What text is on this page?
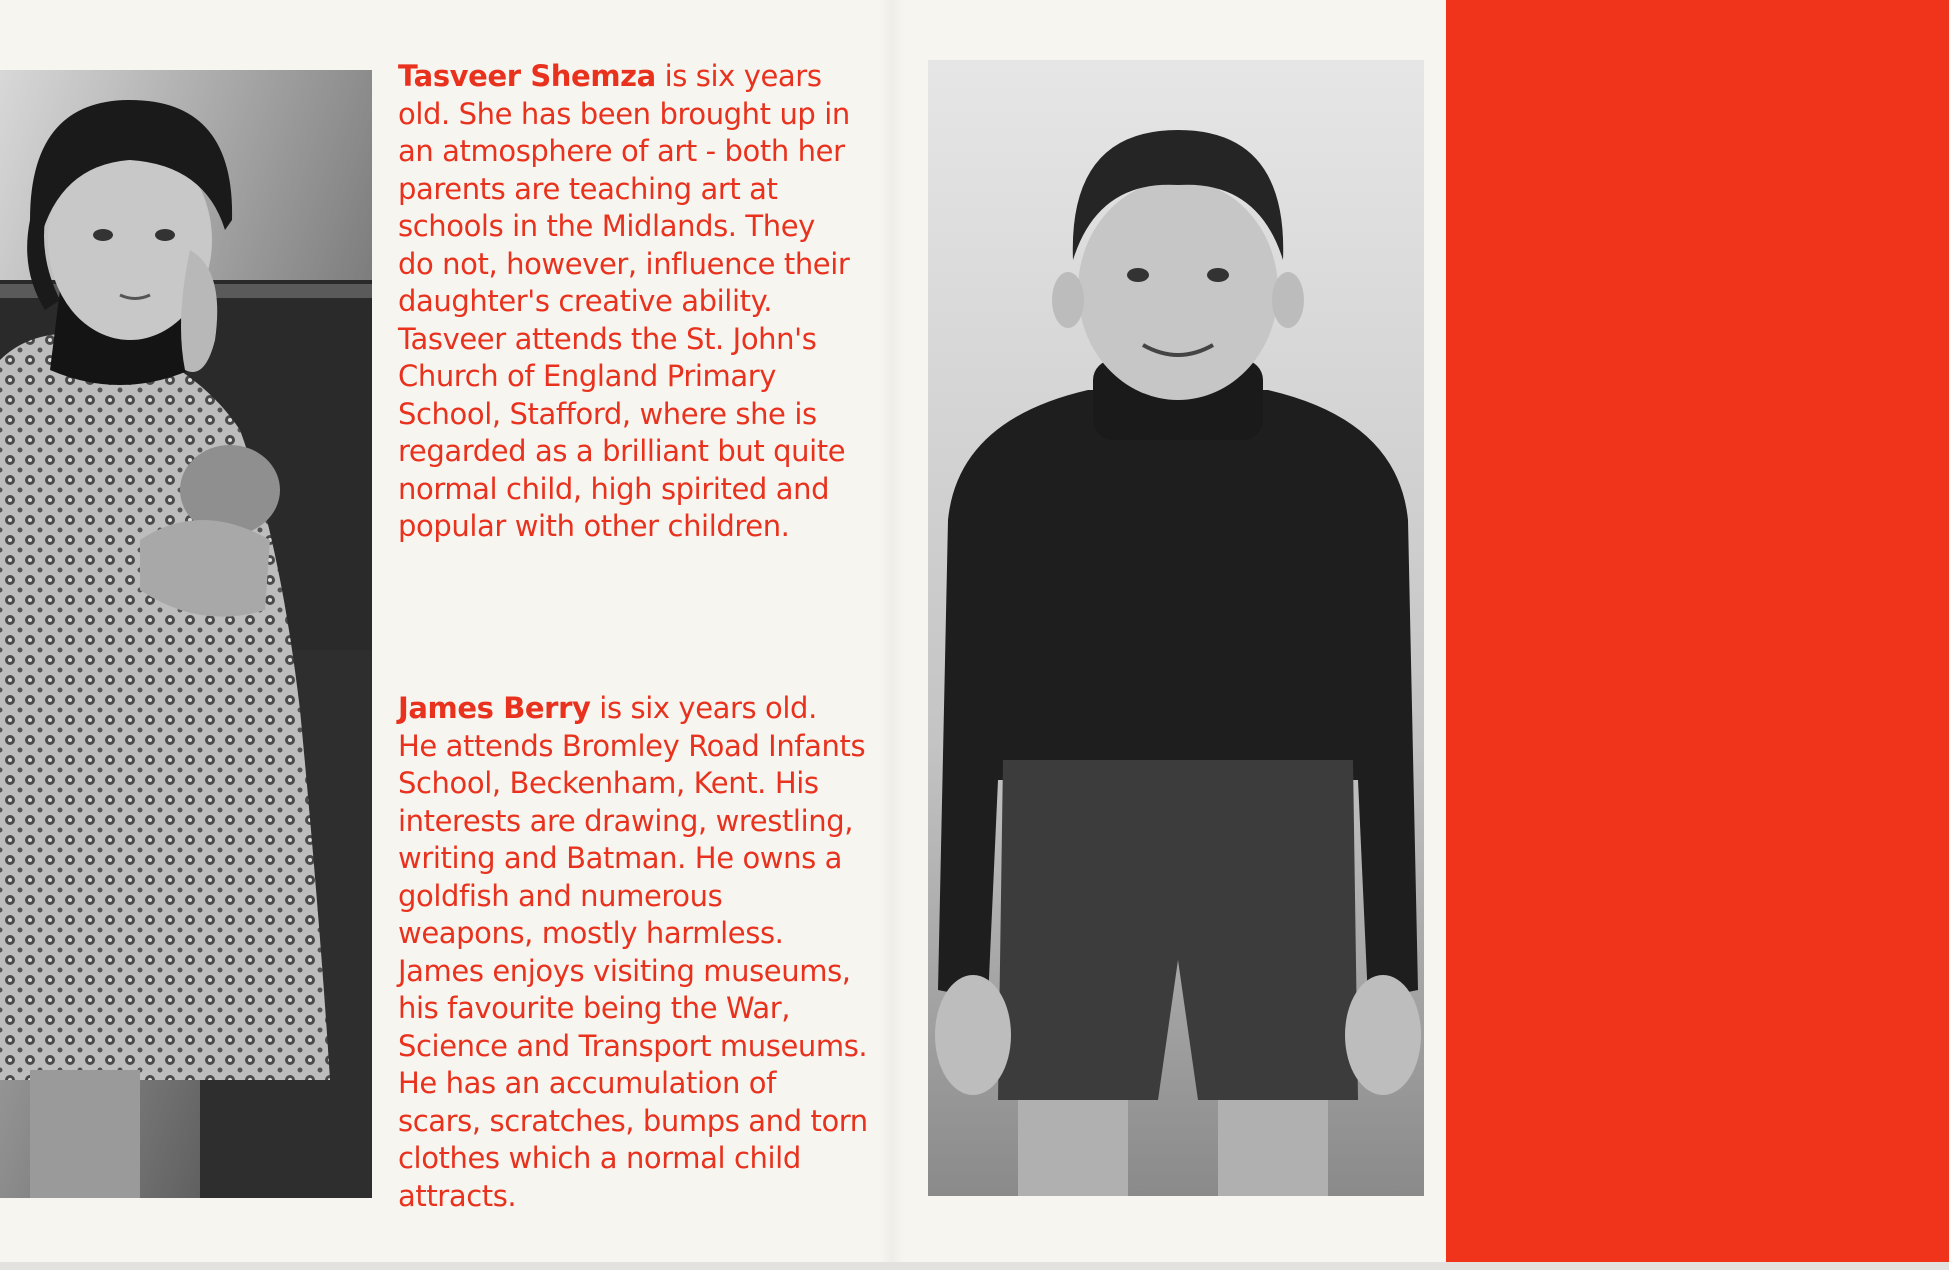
Tasveer Shemza is six years
old. She has been brought up in
an atmosphere of art - both her
parents are teaching art at
schools in the Midlands. They
do not, however, influence their
daughter's creative ability.
Tasveer attends the St. John's
Church of England Primary
School, Stafford, where she is
regarded as a brilliant but quite
normal child, high spirited and
popular with other children.

James Berry is six years old.
He attends Bromley Road Infants
School, Beckenham, Kent. His
interests are drawing, wrestling,
writing and Batman. He owns a
goldfish and numerous
weapons, mostly harmless.
James enjoys visiting museums,
his favourite being the War,
Science and Transport museums.
He has an accumulation of
scars, scratches, bumps and torn
clothes which a normal child
attracts.
